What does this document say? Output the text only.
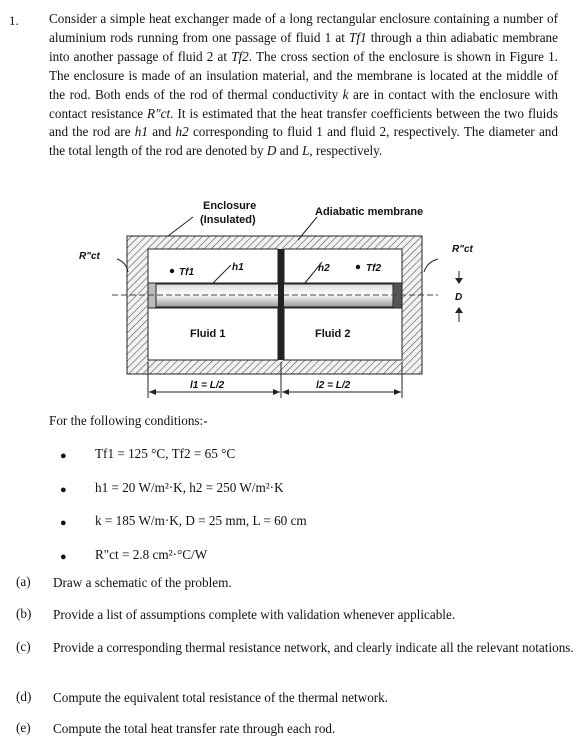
1. Consider a simple heat exchanger made of a long rectangular enclosure containing a number of aluminium rods running from one passage of fluid 1 at Tf1 through a thin adiabatic membrane into another passage of fluid 2 at Tf2. The cross section of the enclosure is shown in Figure 1. The enclosure is made of an insulation material, and the membrane is located at the middle of the rod. Both ends of the rod of thermal conductivity k are in contact with the enclosure with contact resistance R"ct. It is estimated that the heat transfer coefficients between the two fluids and the rod are h1 and h2 corresponding to fluid 1 and fluid 2, respectively. The diameter and the total length of the rod are denoted by D and L, respectively.

Enclosure
(Insulated)
Adiabatic membrane
Fluid 1	Fluid 2
R"ct
R"ct
Tf1	h1	h2	Tf2
D
l1 = L/2	l2 = L/2
For the following conditions:-
● Tf1 = 125 °C, Tf2 = 65 °C
● h1 = 20 W/m²·K, h2 = 250 W/m²·K
● k = 185 W/m·K, D = 25 mm, L = 60 cm
● R"ct = 2.8 cm²·°C/W
(a) Draw a schematic of the problem.
(b) Provide a list of assumptions complete with validation whenever applicable.
(c) Provide a corresponding thermal resistance network, and clearly indicate all the relevant notations.
(d) Compute the equivalent total resistance of the thermal network.
(e) Compute the total heat transfer rate through each rod.
